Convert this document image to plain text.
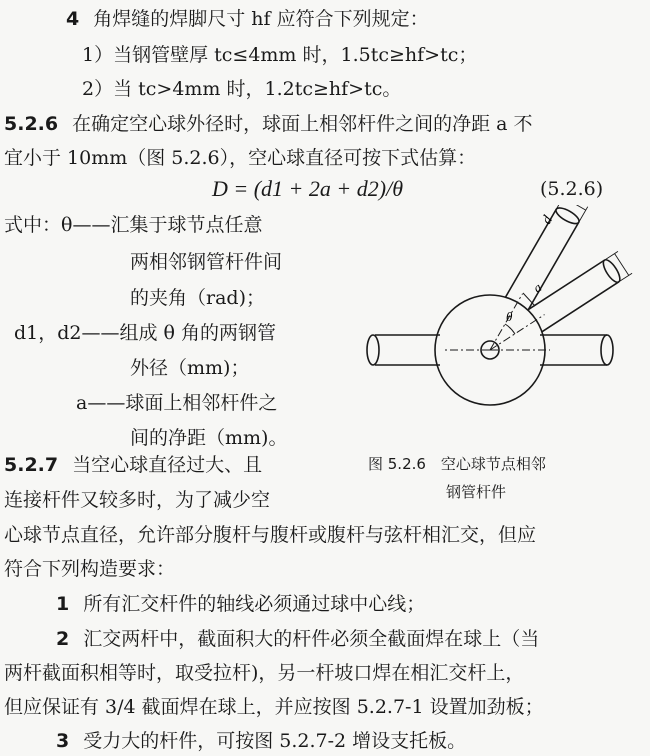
4 角焊缝的焊脚尺寸 hf 应符合下列规定：
1）当钢管壁厚 tc≤4mm 时，1.5tc≥hf>tc；
2）当 tc>4mm 时，1.2tc≥hf>tc。
5.2.6 在确定空心球外径时，球面上相邻杆件之间的净距 a 不
宜小于 10mm（图 5.2.6），空心球直径可按下式估算：
D = (d1 + 2a + d2)/θ	(5.2.6)
式中：θ——汇集于球节点任意
两相邻钢管杆件间
的夹角（rad)；
d1，d2——组成 θ 角的两钢管
外径（mm)；
a——球面上相邻杆件之
间的净距（mm)。
d
a
θ
图 5.2.6　空心球节点相邻
钢管杆件
5.2.7 当空心球直径过大、且
连接杆件又较多时，为了减少空
心球节点直径，允许部分腹杆与腹杆或腹杆与弦杆相汇交，但应
符合下列构造要求：
1 所有汇交杆件的轴线必须通过球中心线；
2 汇交两杆中，截面积大的杆件必须全截面焊在球上（当
两杆截面积相等时，取受拉杆)，另一杆坡口焊在相汇交杆上，
但应保证有 3/4 截面焊在球上，并应按图 5.2.7-1 设置加劲板；
3 受力大的杆件，可按图 5.2.7-2 增设支托板。
